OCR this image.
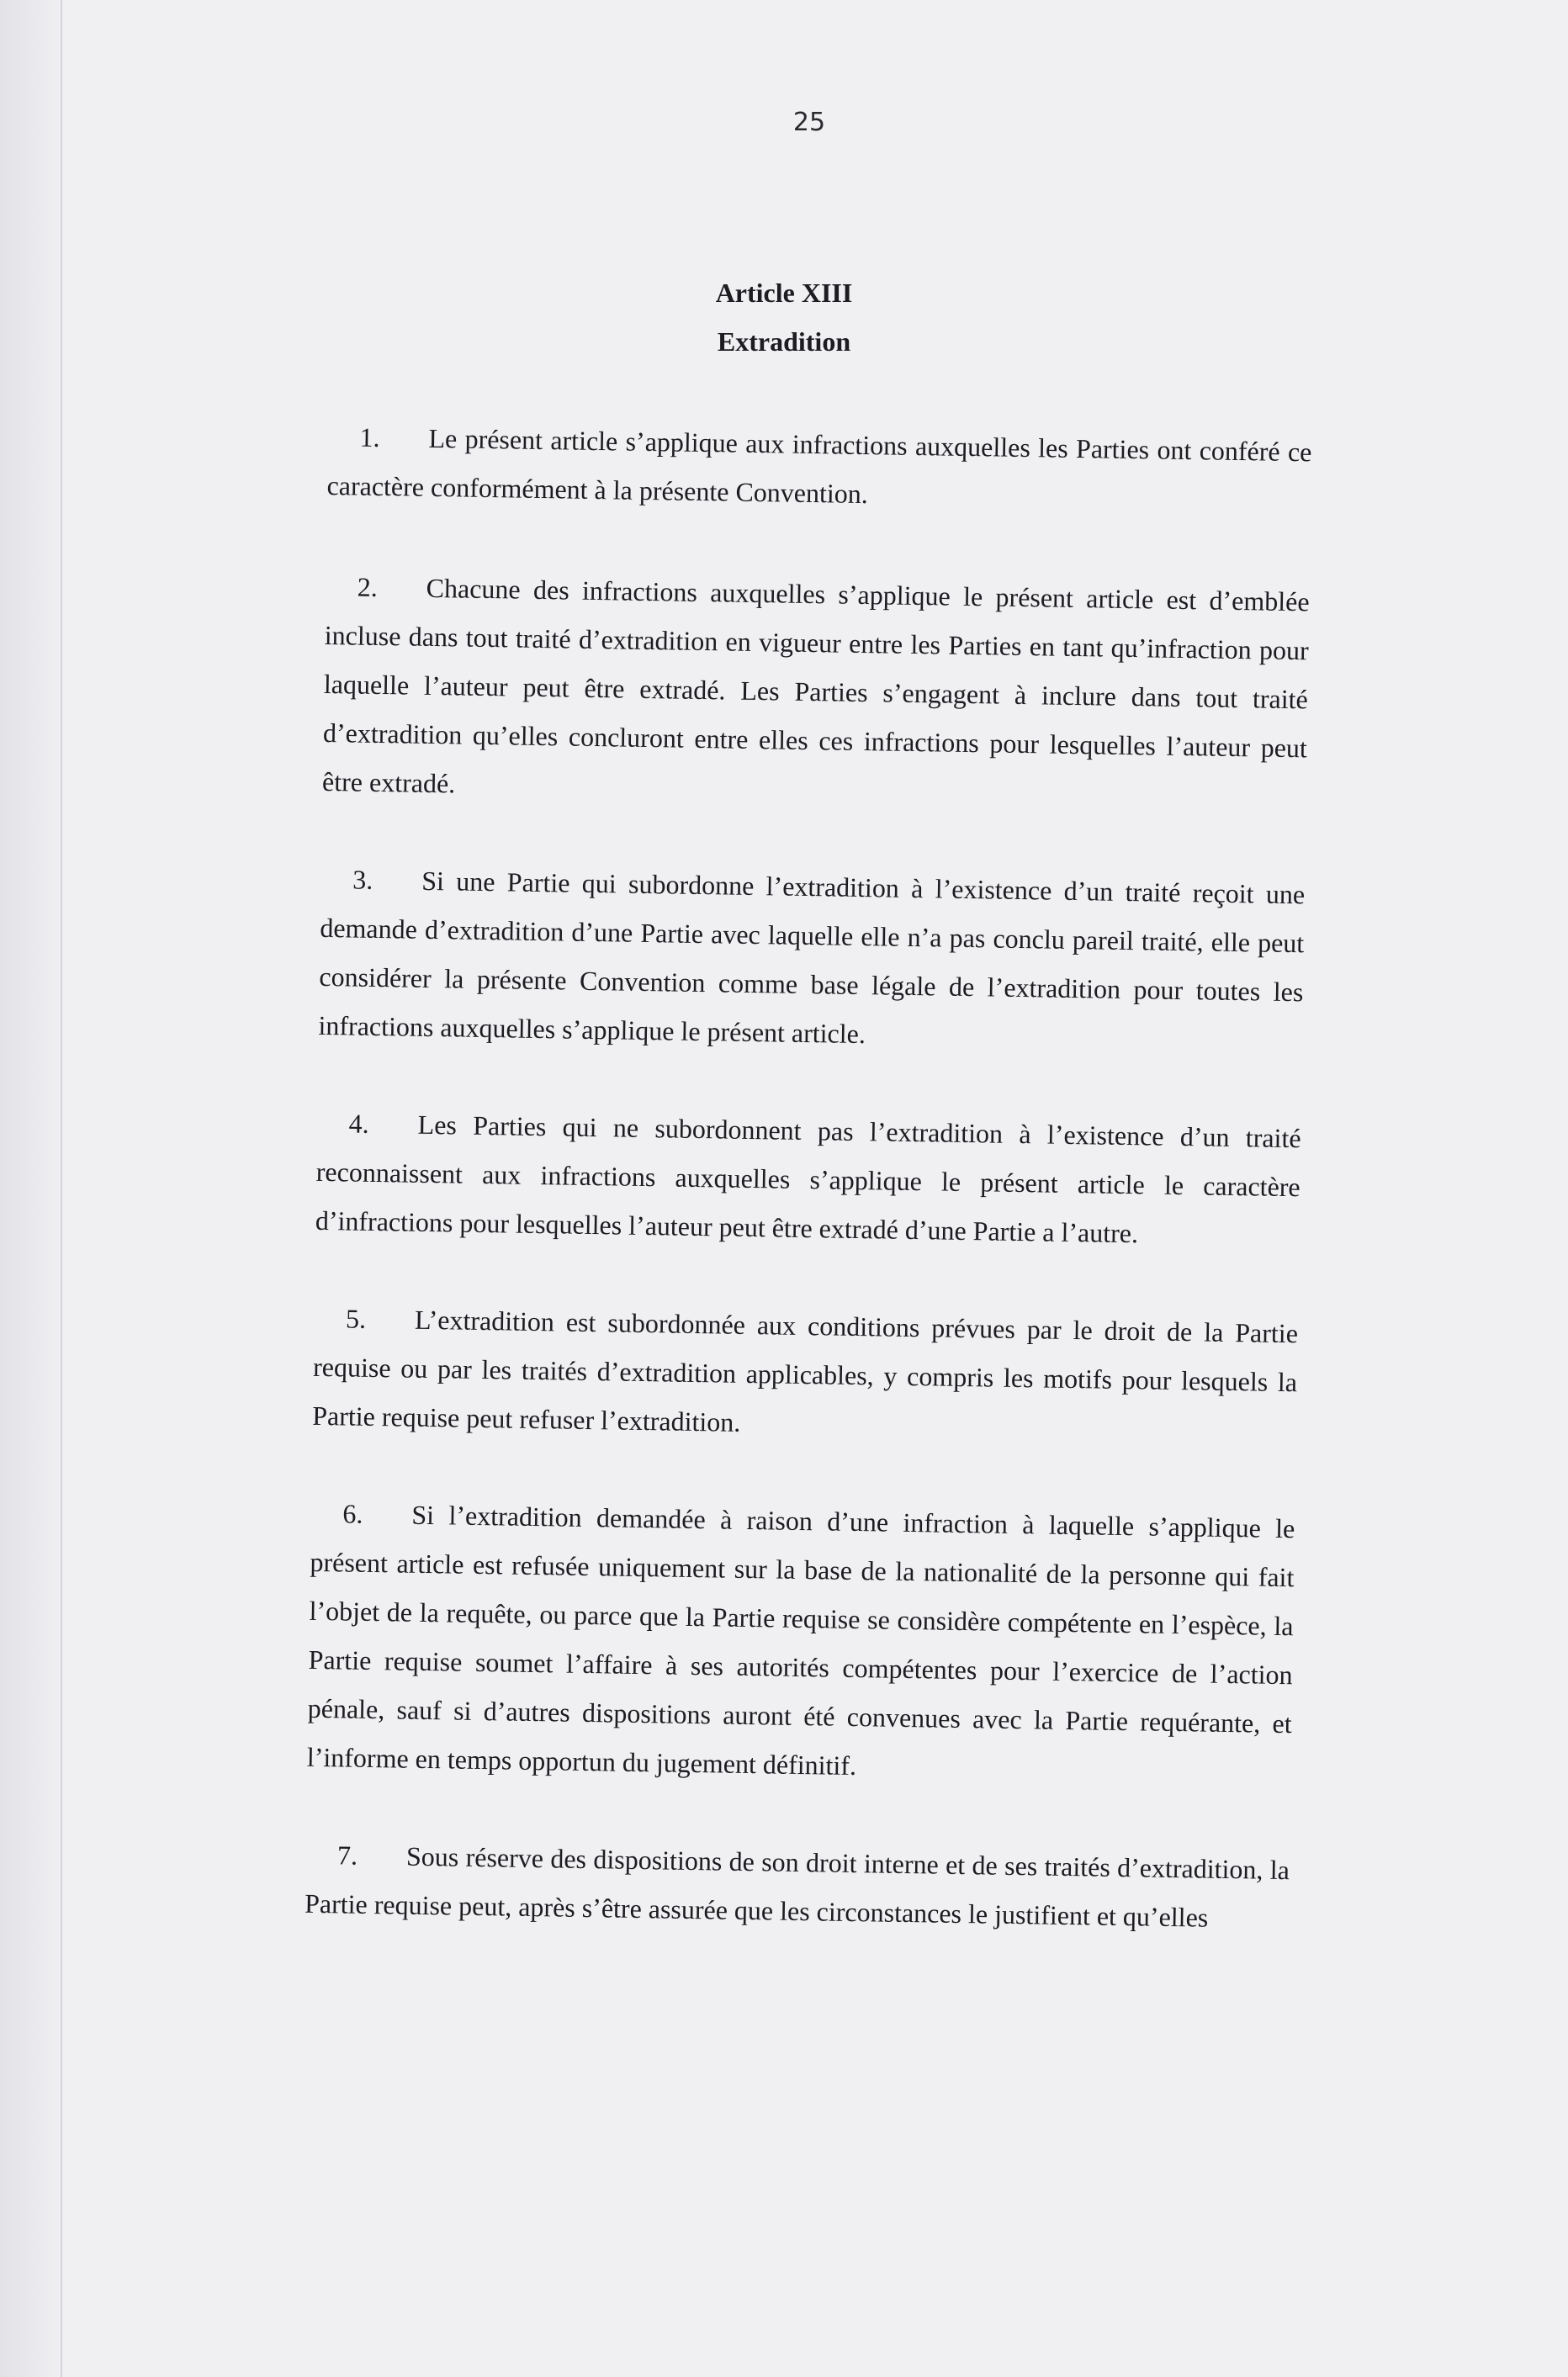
25
Article XIII
Extradition

1. Le présent article s’applique aux infractions auxquelles les Parties ont conféré ce caractère conformément à la présente Convention.

2. Chacune des infractions auxquelles s’applique le présent article est d’emblée incluse dans tout traité d’extradition en vigueur entre les Parties en tant qu’infraction pour laquelle l’auteur peut être extradé. Les Parties s’engagent à inclure dans tout traité d’extradition qu’elles concluront entre elles ces infractions pour lesquelles l’auteur peut être extradé.

3. Si une Partie qui subordonne l’extradition à l’existence d’un traité reçoit une demande d’extradition d’une Partie avec laquelle elle n’a pas conclu pareil traité, elle peut considérer la présente Convention comme base légale de l’extradition pour toutes les infractions auxquelles s’applique le présent article.

4. Les Parties qui ne subordonnent pas l’extradition à l’existence d’un traité reconnaissent aux infractions auxquelles s’applique le présent article le caractère d’infractions pour lesquelles l’auteur peut être extradé d’une Partie a l’autre.

5. L’extradition est subordonnée aux conditions prévues par le droit de la Partie requise ou par les traités d’extradition applicables, y compris les motifs pour lesquels la Partie requise peut refuser l’extradition.

6. Si l’extradition demandée à raison d’une infraction à laquelle s’applique le présent article est refusée uniquement sur la base de la nationalité de la personne qui fait l’objet de la requête, ou parce que la Partie requise se considère compétente en l’espèce, la Partie requise soumet l’affaire à ses autorités compétentes pour l’exercice de l’action pénale, sauf si d’autres dispositions auront été convenues avec la Partie requérante, et l’informe en temps opportun du jugement définitif.

7. Sous réserve des dispositions de son droit interne et de ses traités d’extradition, la Partie requise peut, après s’être assurée que les circonstances le justifient et qu’elles
